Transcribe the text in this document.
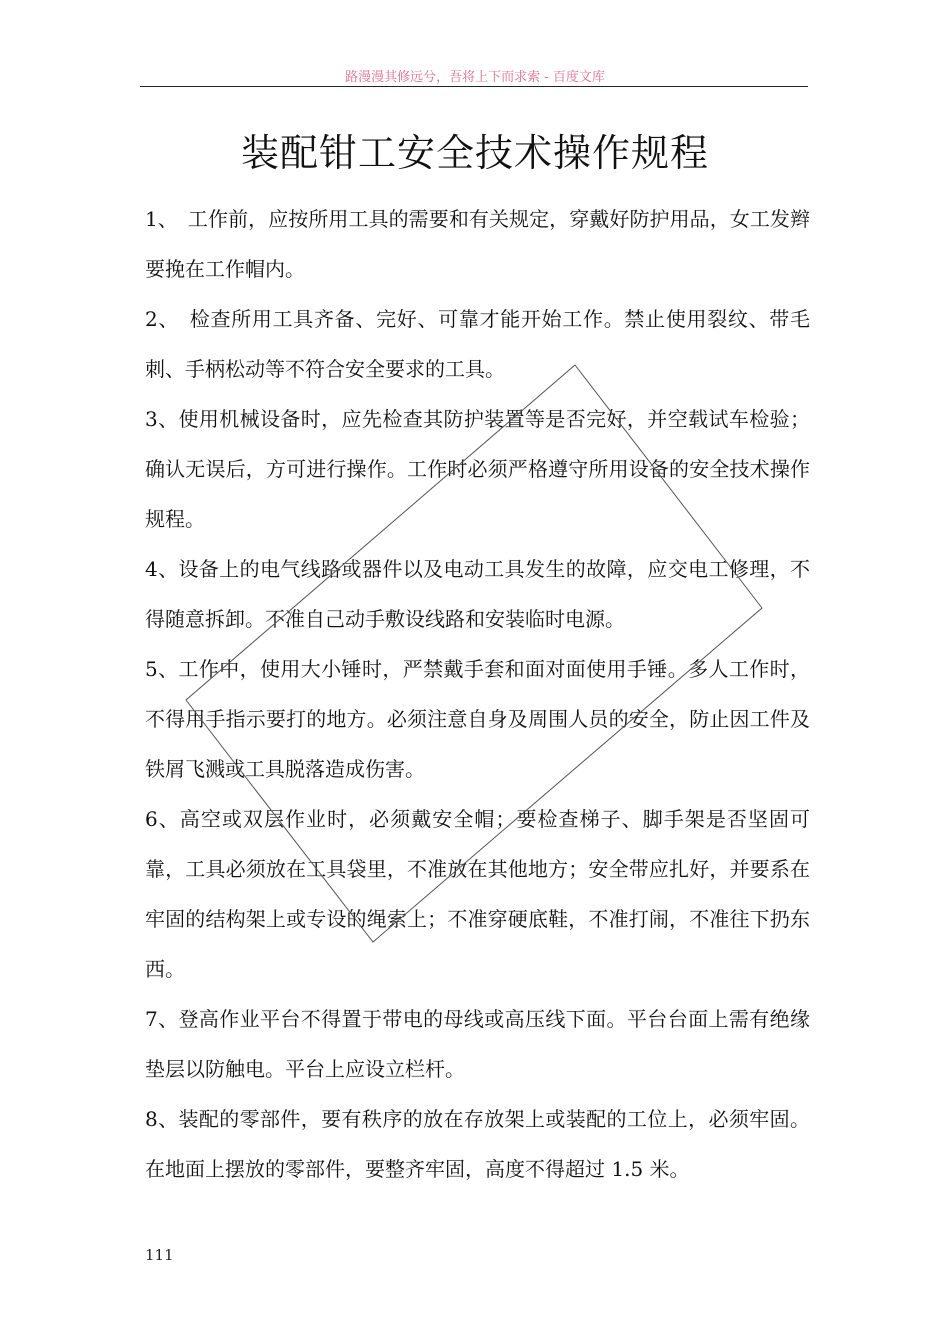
路漫漫其修远兮，吾将上下而求索 - 百度文库
装配钳工安全技术操作规程

1、　工作前，应按所用工具的需要和有关规定，穿戴好防护用品，女工发辫要挽在工作帽内。

2、　检查所用工具齐备、完好、可靠才能开始工作。禁止使用裂纹、带毛刺、手柄松动等不符合安全要求的工具。

3、使用机械设备时，应先检查其防护装置等是否完好，并空载试车检验；确认无误后，方可进行操作。工作时必须严格遵守所用设备的安全技术操作规程。

4、设备上的电气线路或器件以及电动工具发生的故障，应交电工修理，不得随意拆卸。不准自己动手敷设线路和安装临时电源。

5、工作中，使用大小锤时，严禁戴手套和面对面使用手锤。多人工作时，不得用手指示要打的地方。必须注意自身及周围人员的安全，防止因工件及铁屑飞溅或工具脱落造成伤害。

6、高空或双层作业时，必须戴安全帽；要检查梯子、脚手架是否坚固可靠，工具必须放在工具袋里，不准放在其他地方；安全带应扎好，并要系在牢固的结构架上或专设的绳索上；不准穿硬底鞋，不准打闹，不准往下扔东西。

7、登高作业平台不得置于带电的母线或高压线下面。平台台面上需有绝缘垫层以防触电。平台上应设立栏杆。

8、装配的零部件，要有秩序的放在存放架上或装配的工位上，必须牢固。在地面上摆放的零部件，要整齐牢固，高度不得超过 1.5 米。

111
